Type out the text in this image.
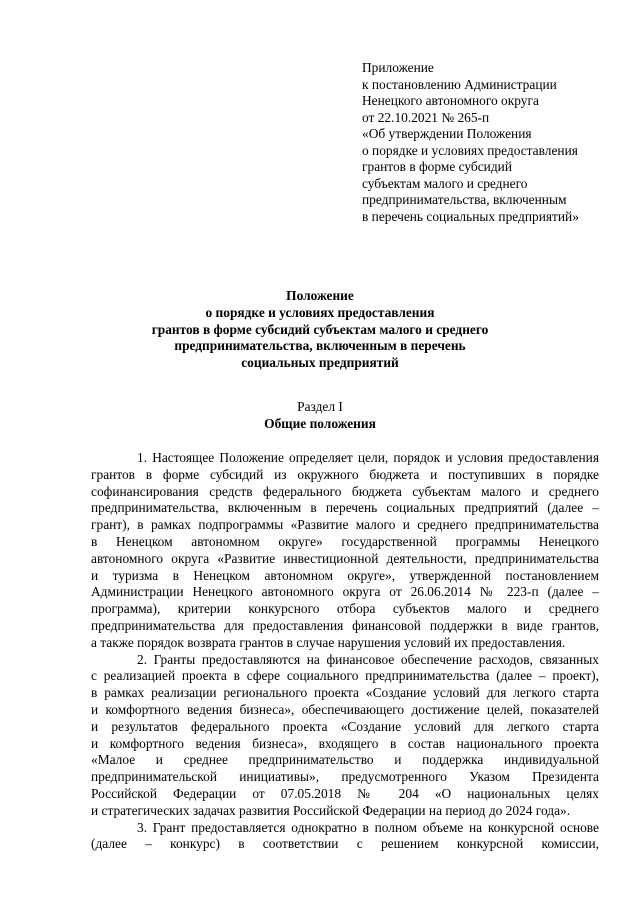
Приложение
к постановлению Администрации
Ненецкого автономного округа
от 22.10.2021 № 265-п
«Об утверждении Положения
о порядке и условиях предоставления
грантов в форме субсидий
субъектам малого и среднего
предпринимательства, включенным
в перечень социальных предприятий»
Положение
о порядке и условиях предоставления
грантов в форме субсидий субъектам малого и среднего
предпринимательства, включенным в перечень
социальных предприятий
Раздел I
Общие положения
1. Настоящее Положение определяет цели, порядок и условия предоставления
грантов в форме субсидий из окружного бюджета и поступивших в порядке
софинансирования средств федерального бюджета субъектам малого и среднего
предпринимательства, включенным в перечень социальных предприятий (далее –
грант), в рамках подпрограммы «Развитие малого и среднего предпринимательства
в Ненецком автономном округе» государственной программы Ненецкого
автономного округа «Развитие инвестиционной деятельности, предпринимательства
и туризма в Ненецком автономном округе», утвержденной постановлением
Администрации Ненецкого автономного округа от 26.06.2014 № 223-п (далее –
программа), критерии конкурсного отбора субъектов малого и среднего
предпринимательства для предоставления финансовой поддержки в виде грантов,
а также порядок возврата грантов в случае нарушения условий их предоставления.
2. Гранты предоставляются на финансовое обеспечение расходов, связанных
с реализацией проекта в сфере социального предпринимательства (далее – проект),
в рамках реализации регионального проекта «Создание условий для легкого старта
и комфортного ведения бизнеса», обеспечивающего достижение целей, показателей
и результатов федерального проекта «Создание условий для легкого старта
и комфортного ведения бизнеса», входящего в состав национального проекта
«Малое и среднее предпринимательство и поддержка индивидуальной
предпринимательской инициативы», предусмотренного Указом Президента
Российской Федерации от 07.05.2018 № 204 «О национальных целях
и стратегических задачах развития Российской Федерации на период до 2024 года».
3. Грант предоставляется однократно в полном объеме на конкурсной основе
(далее – конкурс) в соответствии с решением конкурсной комиссии,
